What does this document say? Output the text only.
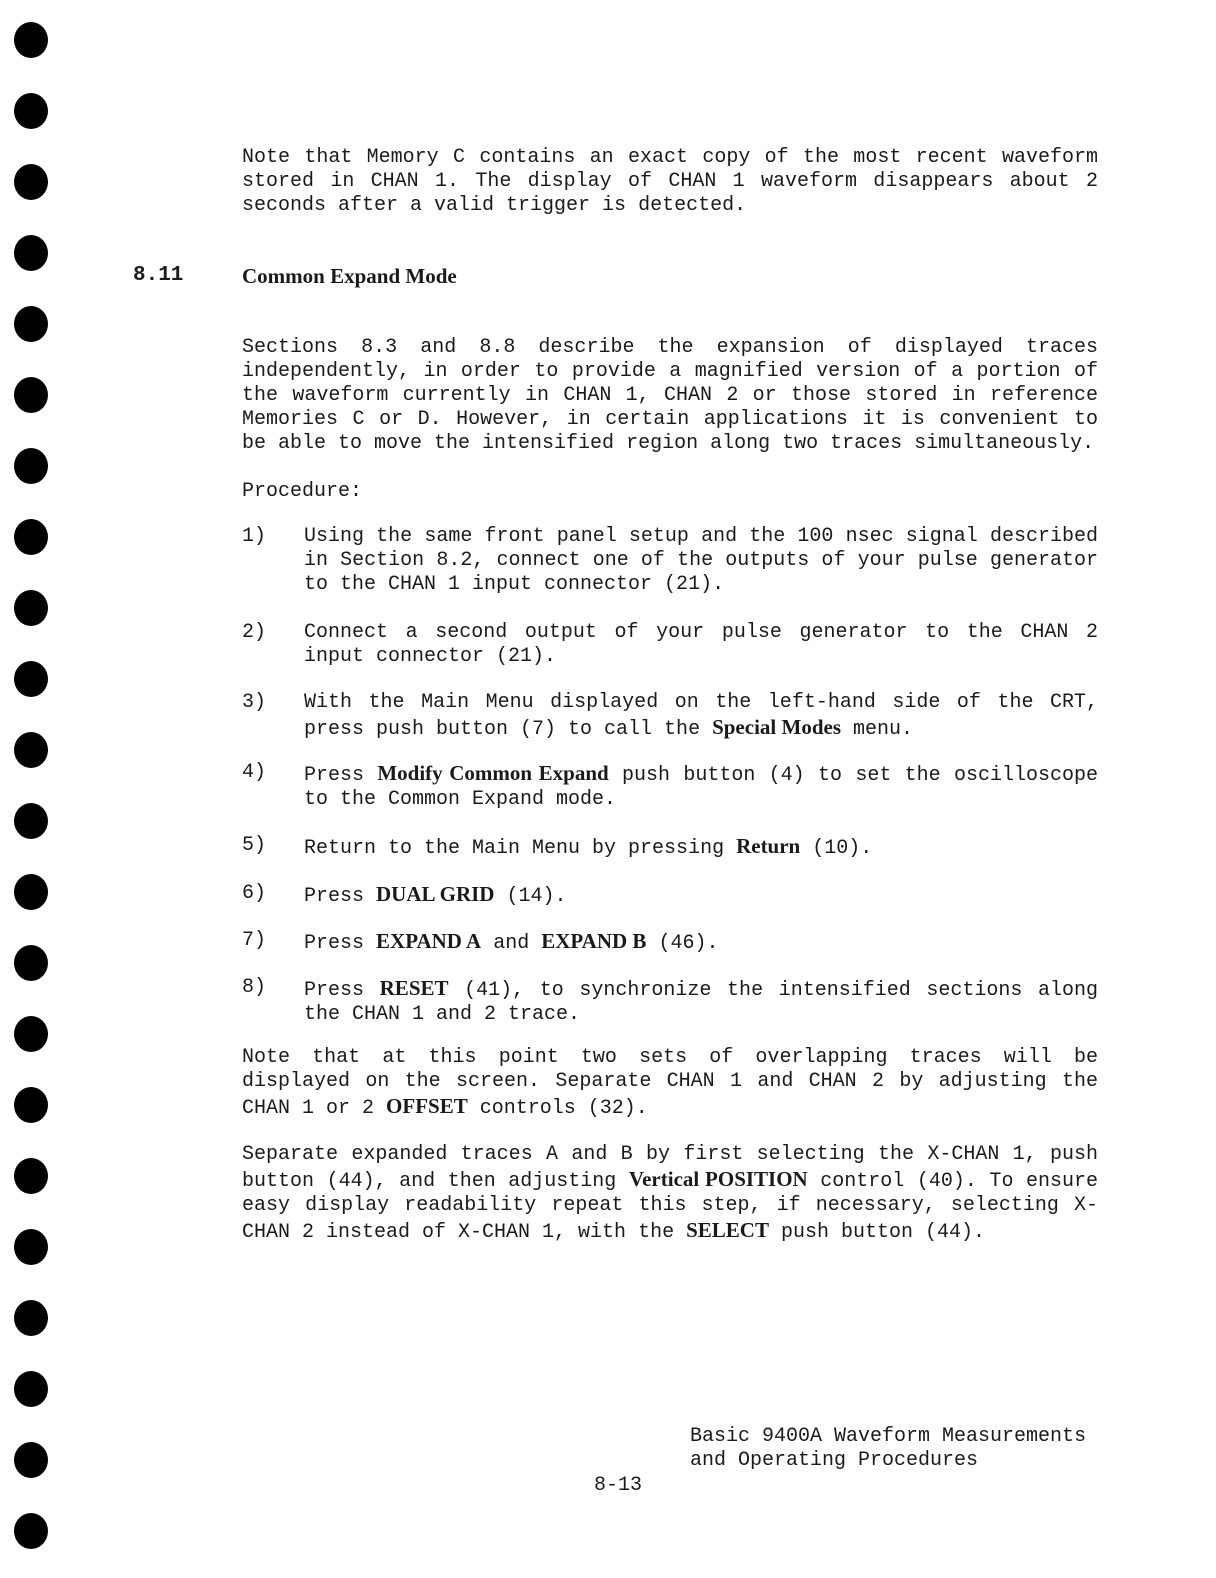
Note that Memory C contains an exact copy of the most recent waveform stored in CHAN 1. The display of CHAN 1 waveform disappears about 2 seconds after a valid trigger is detected.

8.11	Common Expand Mode

Sections 8.3 and 8.8 describe the expansion of displayed traces independently, in order to provide a magnified version of a portion of the waveform currently in CHAN 1, CHAN 2 or those stored in reference Memories C or D. However, in certain applications it is convenient to be able to move the intensified region along two traces simultaneously.

Procedure:

1) Using the same front panel setup and the 100 nsec signal described in Section 8.2, connect one of the outputs of your pulse generator to the CHAN 1 input connector (21).
2) Connect a second output of your pulse generator to the CHAN 2 input connector (21).
3) With the Main Menu displayed on the left-hand side of the CRT, press push button (7) to call the Special Modes menu.
4) Press Modify Common Expand push button (4) to set the oscilloscope to the Common Expand mode.
5) Return to the Main Menu by pressing Return (10).
6) Press DUAL GRID (14).
7) Press EXPAND A and EXPAND B (46).
8) Press RESET (41), to synchronize the intensified sections along the CHAN 1 and 2 trace.

Note that at this point two sets of overlapping traces will be displayed on the screen. Separate CHAN 1 and CHAN 2 by adjusting the CHAN 1 or 2 OFFSET controls (32).

Separate expanded traces A and B by first selecting the X-CHAN 1, push button (44), and then adjusting Vertical POSITION control (40). To ensure easy display readability repeat this step, if necessary, selecting X-CHAN 2 instead of X-CHAN 1, with the SELECT push button (44).

Basic 9400A Waveform Measurements
and Operating Procedures
8-13
